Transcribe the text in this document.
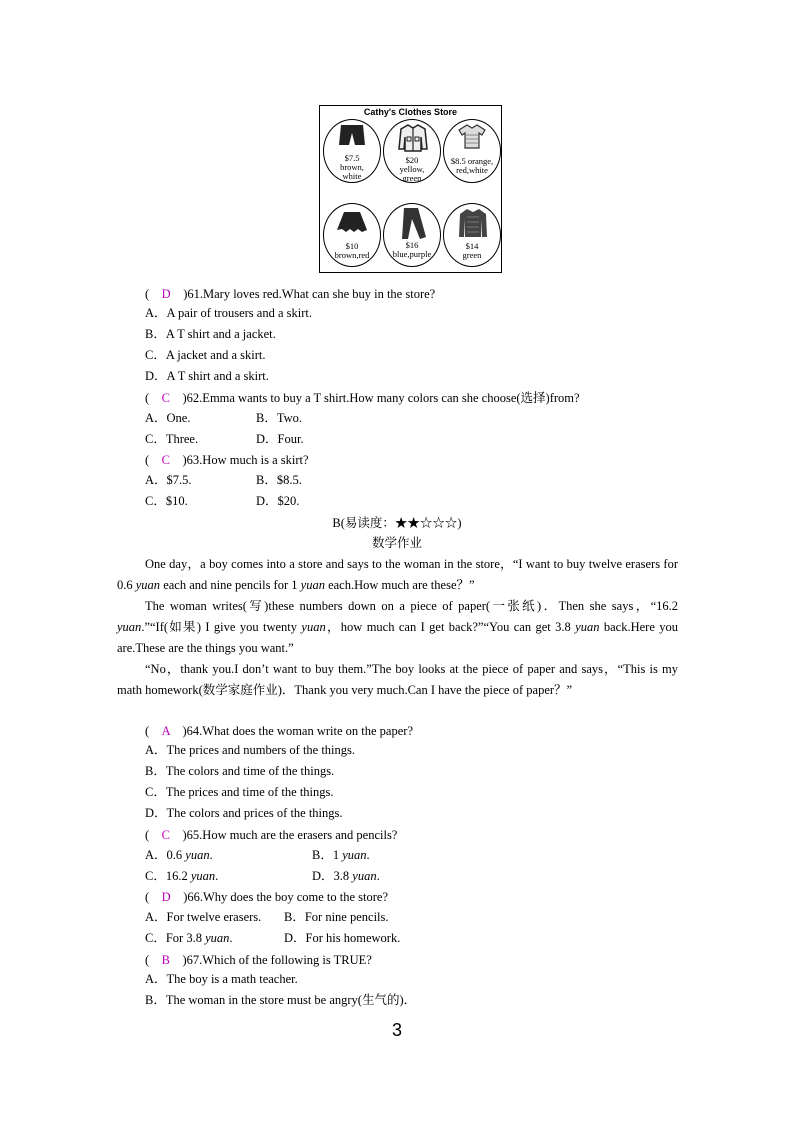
Cathy's Clothes Store
$7.5
brown,
white
$20
yellow,
green
$8.5 orange,
red,white
$10
brown,red
$16
blue,purple
$14
green
(　D　)61.Mary loves red.What can she buy in the store?
A．A pair of trousers and a skirt.
B．A T shirt and a jacket.
C．A jacket and a skirt.
D．A T shirt and a skirt.
(　C　)62.Emma wants to buy a T shirt.How many colors can she choose(选择)from?
A．One.	B．Two.
C．Three.	D．Four.
(　C　)63.How much is a skirt?
A．$7.5.	B．$8.5.
C．$10.	D．$20.
B(易读度：★★☆☆☆)
数学作业
One day，a boy comes into a store and says to the woman in the store，“I want to buy twelve erasers for 0.6 yuan each and nine pencils for 1 yuan each.How much are these？”
The woman writes(写)these numbers down on a piece of paper(一张纸)．Then she says，“16.2 yuan.”“If(如果) I give you twenty yuan，how much can I get back?”“You can get 3.8 yuan back.Here you are.These are the things you want.”
“No，thank you.I don’t want to buy them.”The boy looks at the piece of paper and says，“This is my math homework(数学家庭作业)．Thank you very much.Can I have the piece of paper？”
(　A　)64.What does the woman write on the paper?
A．The prices and numbers of the things.
B．The colors and time of the things.
C．The prices and time of the things.
D．The colors and prices of the things.
(　C　)65.How much are the erasers and pencils?
A．0.6 yuan.	B．1 yuan.
C．16.2 yuan.	D．3.8 yuan.
(　D　)66.Why does the boy come to the store?
A．For twelve erasers. B．For nine pencils.
C．For 3.8 yuan.	D．For his homework.
(　B　)67.Which of the following is TRUE?
A．The boy is a math teacher.
B．The woman in the store must be angry(生气的)．
3
